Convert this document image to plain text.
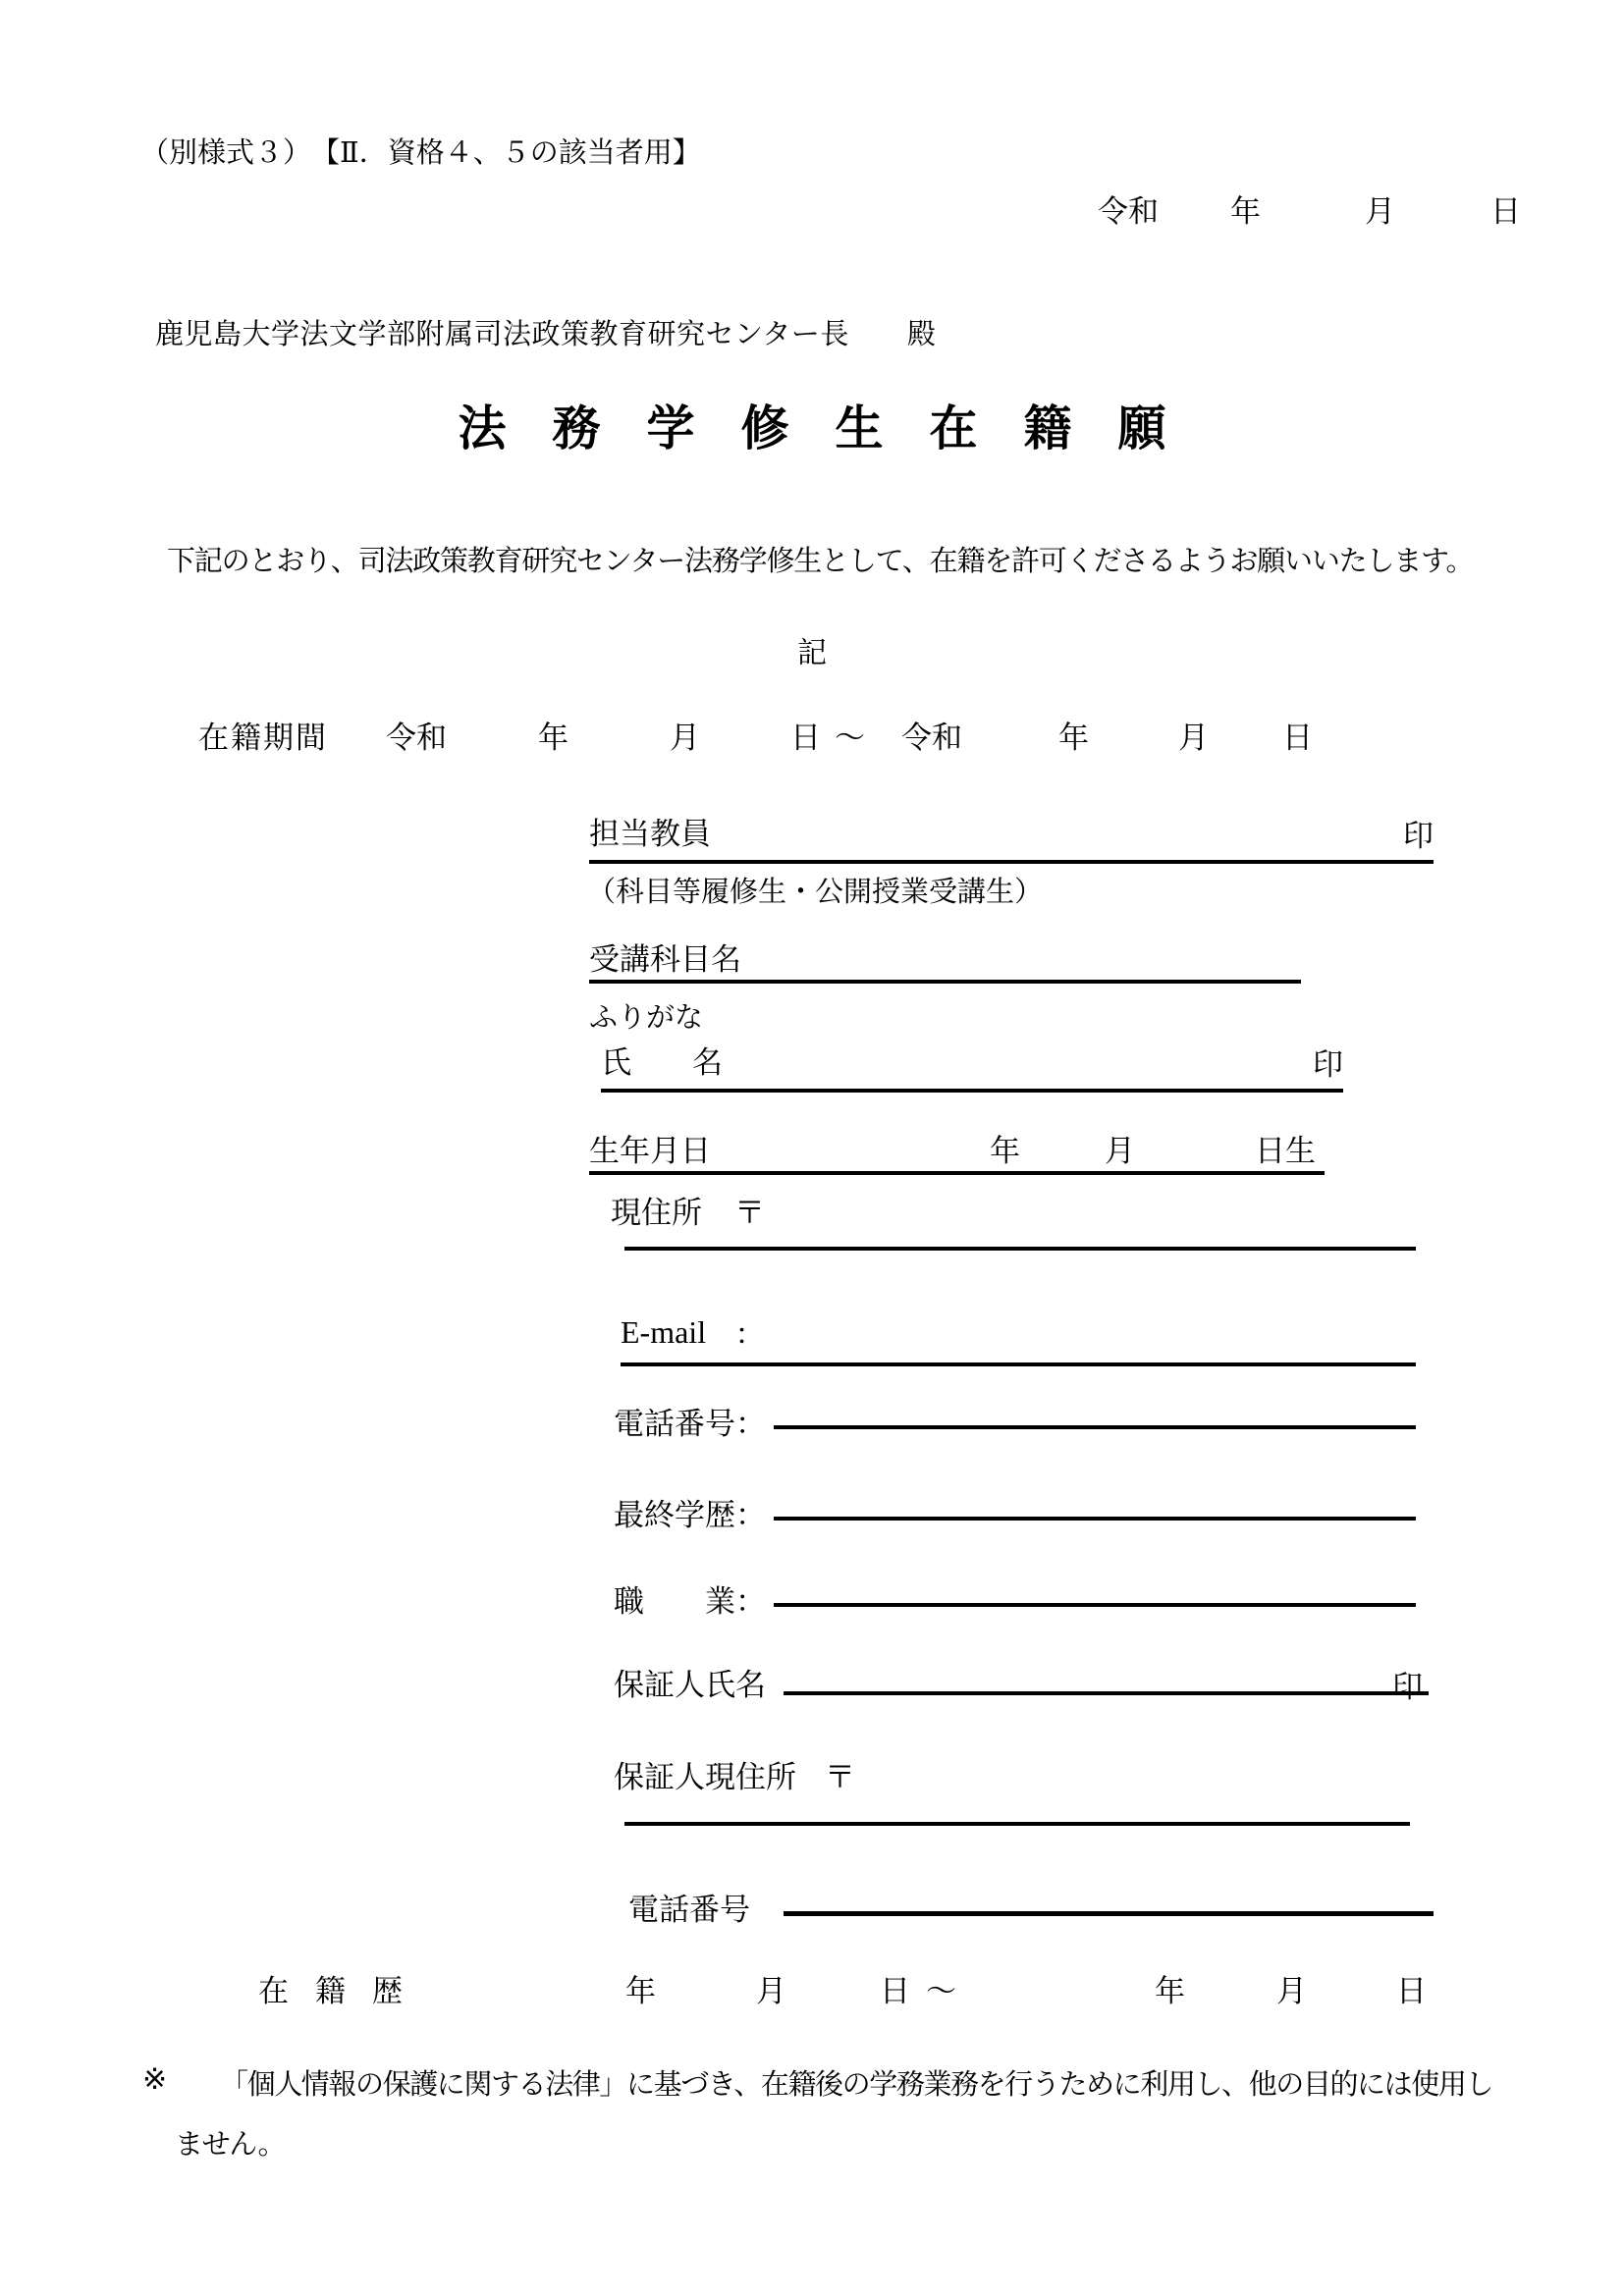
（別様式３）　【Ⅱ．資格４、５の該当者用】
令和 年	月	日
鹿児島大学法文学部附属司法政策教育研究センター長　　殿
法務学修生在籍願
下記のとおり、司法政策教育研究センター法務学修生として、在籍を許可くださるようお願いいたします。
記
在籍期間 令和	年	月	日 ～ 令和	年	月 日
担当教員	印
（科目等履修生・公開授業受講生）
受講科目名
ふりがな
氏　　名	印
生年月日	年	月	日生
現住所 〒
E-mail　:
電話番号：
最終学歴：
職　　業：
保証人氏名	印
保証人現住所 〒
電話番号
在籍歴	年	月	日 ～	年	月	日
※	「個人情報の保護に関する法律」に基づき、在籍後の学務業務を行うために利用し、他の目的には使用しません。
